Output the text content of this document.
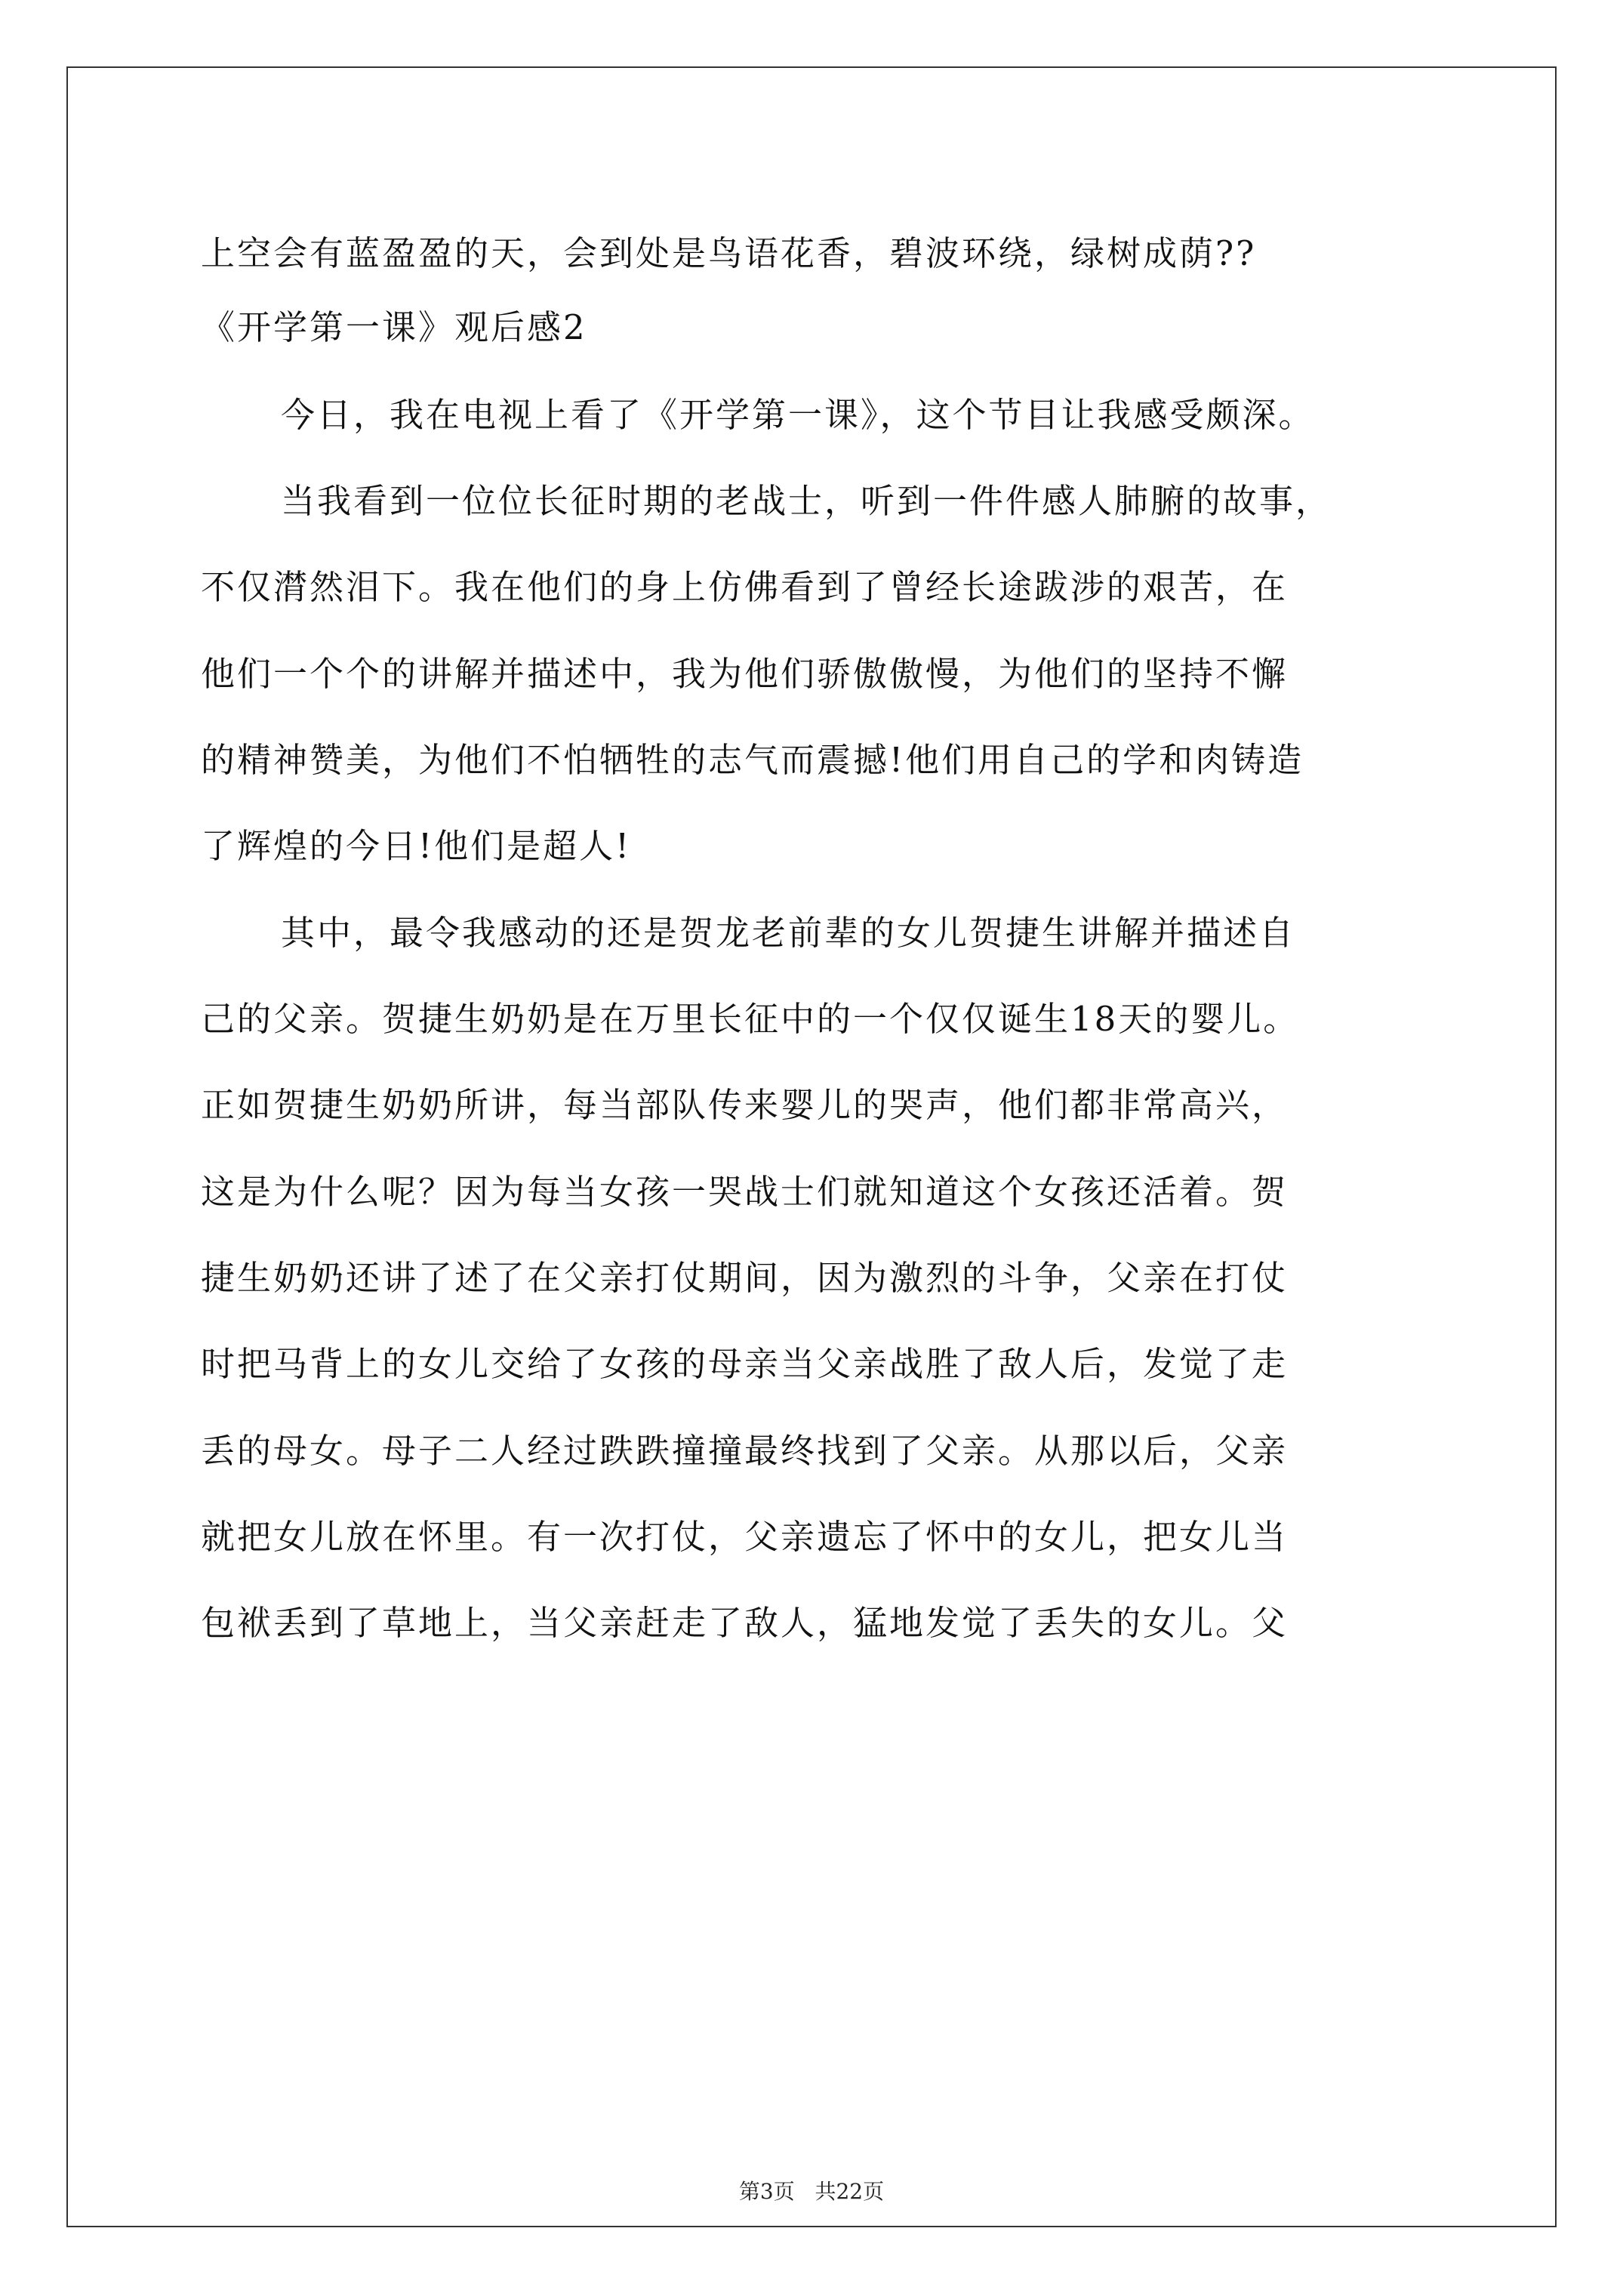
上空会有蓝盈盈的天，会到处是鸟语花香，碧波环绕，绿树成荫??
《开学第一课》观后感2
今日，我在电视上看了《开学第一课》，这个节目让我感受颇深。
当我看到一位位长征时期的老战士，听到一件件感人肺腑的故事，
不仅潸然泪下。我在他们的身上仿佛看到了曾经长途跋涉的艰苦，在
他们一个个的讲解并描述中，我为他们骄傲傲慢，为他们的坚持不懈
的精神赞美，为他们不怕牺牲的志气而震撼!他们用自己的学和肉铸造
了辉煌的今日!他们是超人!
其中，最令我感动的还是贺龙老前辈的女儿贺捷生讲解并描述自
己的父亲。贺捷生奶奶是在万里长征中的一个仅仅诞生18天的婴儿。
正如贺捷生奶奶所讲，每当部队传来婴儿的哭声，他们都非常高兴，
这是为什么呢？因为每当女孩一哭战士们就知道这个女孩还活着。贺
捷生奶奶还讲了述了在父亲打仗期间，因为激烈的斗争，父亲在打仗
时把马背上的女儿交给了女孩的母亲当父亲战胜了敌人后，发觉了走
丢的母女。母子二人经过跌跌撞撞最终找到了父亲。从那以后，父亲
就把女儿放在怀里。有一次打仗，父亲遗忘了怀中的女儿，把女儿当
包袱丢到了草地上，当父亲赶走了敌人，猛地发觉了丢失的女儿。父
第3页   共22页
